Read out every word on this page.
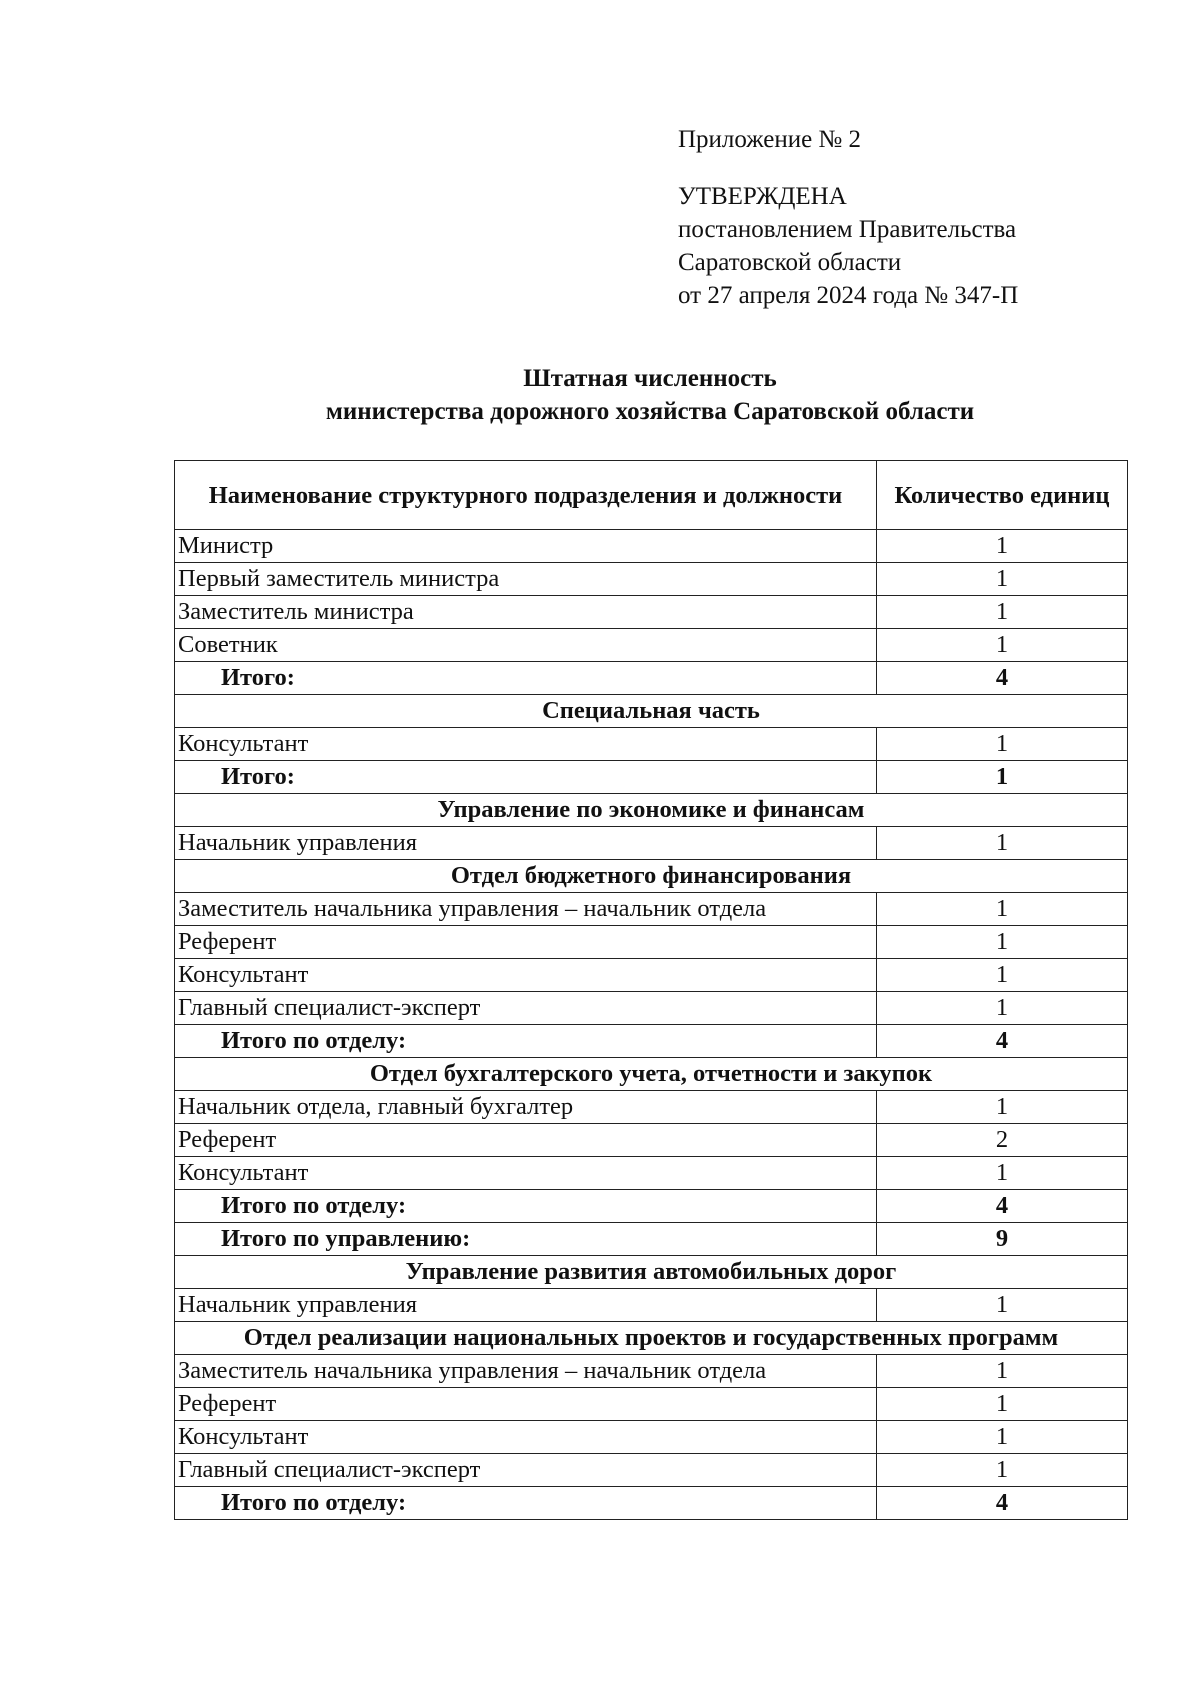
Приложение № 2
УТВЕРЖДЕНА
постановлением Правительства
Саратовской области
от 27 апреля 2024 года № 347-П
Штатная численность
министерства дорожного хозяйства Саратовской области
Наименование структурного подразделения и должности	Количество единиц
Министр	1
Первый заместитель министра	1
Заместитель министра	1
Советник	1
Итого:	4
Специальная часть	
Консультант	1
Итого:	1
Управление по экономике и финансам	
Начальник управления	1
Отдел бюджетного финансирования	
Заместитель начальника управления – начальник отдела	1
Референт	1
Консультант	1
Главный специалист-эксперт	1
Итого по отделу:	4
Отдел бухгалтерского учета, отчетности и закупок	
Начальник отдела, главный бухгалтер	1
Референт	2
Консультант	1
Итого по отделу:	4
Итого по управлению:	9
Управление развития автомобильных дорог	
Начальник управления	1
Отдел реализации национальных проектов и государственных программ	
Заместитель начальника управления – начальник отдела	1
Референт	1
Консультант	1
Главный специалист-эксперт	1
Итого по отделу:	4
